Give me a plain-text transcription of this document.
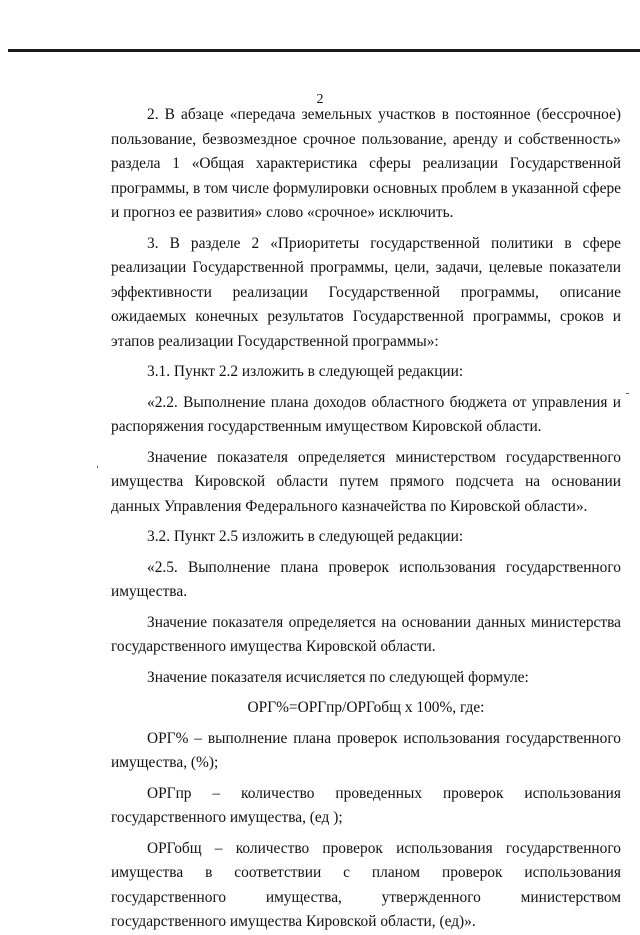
2

2. В абзаце «передача земельных участков в постоянное (бессрочное) пользование, безвозмездное срочное пользование, аренду и собственность» раздела 1 «Общая характеристика сферы реализации Государственной программы, в том числе формулировки основных проблем в указанной сфере и прогноз ее развития» слово «срочное» исключить.

3. В разделе 2 «Приоритеты государственной политики в сфере реализации Государственной программы, цели, задачи, целевые показатели эффективности реализации Государственной программы, описание ожидаемых конечных результатов Государственной программы, сроков и этапов реализации Государственной программы»:

3.1. Пункт 2.2 изложить в следующей редакции:

«2.2. Выполнение плана доходов областного бюджета от управления и распоряжения государственным имуществом Кировской области.

Значение показателя определяется министерством государственного имущества Кировской области путем прямого подсчета на основании данных Управления Федерального казначейства по Кировской области».

3.2. Пункт 2.5 изложить в следующей редакции:

«2.5. Выполнение плана проверок использования государственного имущества.

Значение показателя определяется на основании данных министерства государственного имущества Кировской области.

Значение показателя исчисляется по следующей формуле:

ОРГ%=ОРГпр/ОРГобщ х 100%, где:

ОРГ% – выполнение плана проверок использования государственного имущества, (%);

ОРГпр – количество проведенных проверок использования государственного имущества, (ед );

ОРГобщ – количество проверок использования государственного имущества в соответствии с планом проверок использования государственного имущества, утвержденного министерством государственного имущества Кировской области, (ед)».
